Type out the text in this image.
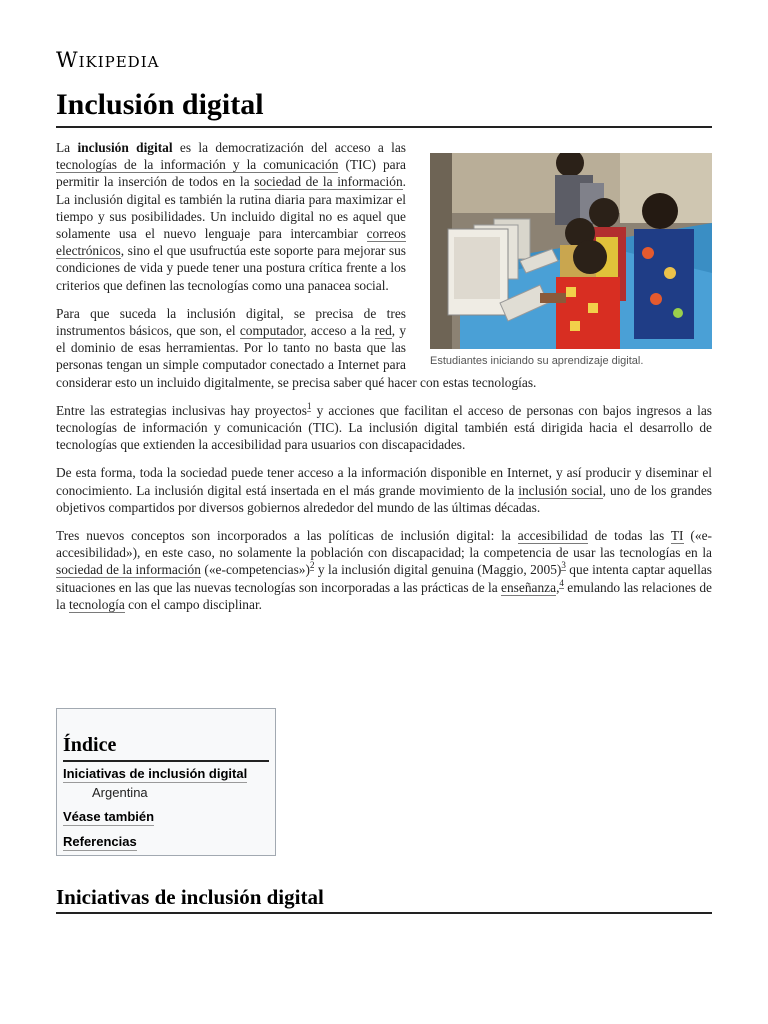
Wikipedia
Inclusión digital
Estudiantes iniciando su aprendizaje digital.

La inclusión digital es la democratización del acceso a las tecnologías de la información y la comunicación (TIC) para permitir la inserción de todos en la sociedad de la información. La inclusión digital es también la rutina diaria para maximizar el tiempo y sus posibilidades. Un incluido digital no es aquel que solamente usa el nuevo lenguaje para intercambiar correos electrónicos, sino el que usufructúa este soporte para mejorar sus condiciones de vida y puede tener una postura crítica frente a los criterios que definen las tecnologías como una panacea social.

Para que suceda la inclusión digital, se precisa de tres instrumentos básicos, que son, el computador, acceso a la red, y el dominio de esas herramientas. Por lo tanto no basta que las personas tengan un simple computador conectado a Internet para considerar esto un incluido digitalmente, se precisa saber qué hacer con estas tecnologías.

Entre las estrategias inclusivas hay proyectos$^1$ y acciones que facilitan el acceso de personas con bajos ingresos a las tecnologías de información y comunicación (TIC). La inclusión digital también está dirigida hacia el desarrollo de tecnologías que extienden la accesibilidad para usuarios con discapacidades.

De esta forma, toda la sociedad puede tener acceso a la información disponible en Internet, y así producir y diseminar el conocimiento. La inclusión digital está insertada en el más grande movimiento de la inclusión social, uno de los grandes objetivos compartidos por diversos gobiernos alrededor del mundo de las últimas décadas.

Tres nuevos conceptos son incorporados a las políticas de inclusión digital: la accesibilidad de todas las TI («e-accesibilidad»), en este caso, no solamente la población con discapacidad; la competencia de usar las tecnologías en la sociedad de la información («e-competencias»)$^2$ y la inclusión digital genuina (Maggio, 2005)$^3$ que intenta captar aquellas situaciones en las que las nuevas tecnologías son incorporadas a las prácticas de la enseñanza,$^4$ emulando las relaciones de la tecnología con el campo disciplinar.

Índice
Iniciativas de inclusión digital
Argentina
Véase también
Referencias
Iniciativas de inclusión digital
